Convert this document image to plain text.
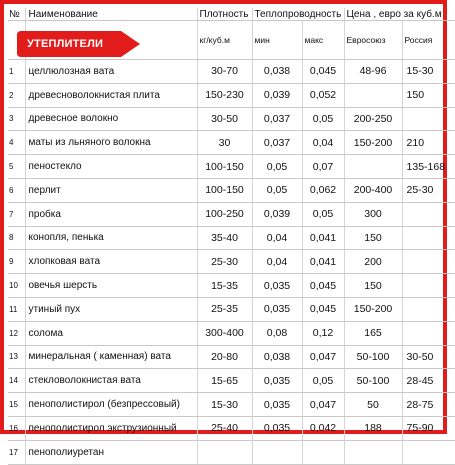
№	Наименование	Плотность	Теплопроводность		Цена , евро за куб.м	
		кг/куб.м	мин	макс	Евросоюз	Россия
1	целлюлозная вата	30-70	0,038	0,045	48-96	15-30
2	древесноволокнистая плита	150-230	0,039	0,052		150
3	древесное волокно	30-50	0,037	0,05	200-250	
4	маты из льняного волокна	30	0,037	0,04	150-200	210
5	пеностекло	100-150	0,05	0,07		135-168
6	перлит	100-150	0,05	0,062	200-400	25-30
7	пробка	100-250	0,039	0,05	300	
8	конопля, пенька	35-40	0,04	0,041	150	
9	хлопковая вата	25-30	0,04	0,041	200	
10	овечья шерсть	15-35	0,035	0,045	150	
11	утиный пух	25-35	0,035	0,045	150-200	
12	солома	300-400	0,08	0,12	165	
13	минеральная ( каменная) вата	20-80	0,038	0,047	50-100	30-50
14	стекловолокнистая вата	15-65	0,035	0,05	50-100	28-45
15	пенополистирол (безпрессовый)	15-30	0,035	0,047	50	28-75
16	пенополистирол экструзионный	25-40	0,035	0,042	188	75-90
17	пенополиуретан					
УТЕПЛИТЕЛИ
